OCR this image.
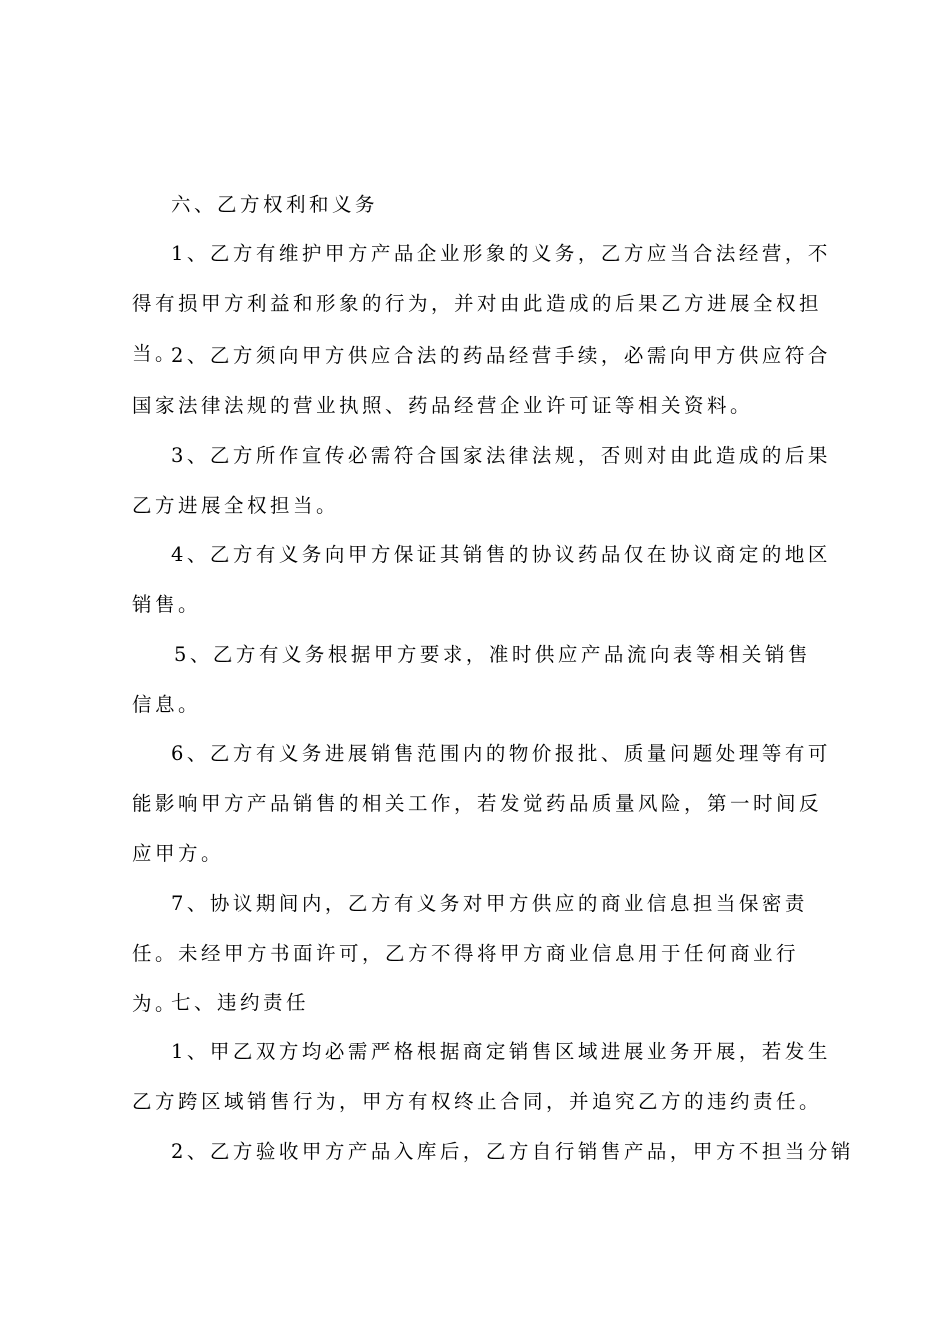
六、乙方权利和义务

1、乙方有维护甲方产品企业形象的义务，乙方应当合法经营，不得有损甲方利益和形象的行为，并对由此造成的后果乙方进展全权担当。

2、乙方须向甲方供应合法的药品经营手续，必需向甲方供应符合国家法律法规的营业执照、药品经营企业许可证等相关资料。

3、乙方所作宣传必需符合国家法律法规，否则对由此造成的后果乙方进展全权担当。

4、乙方有义务向甲方保证其销售的协议药品仅在协议商定的地区销售。

5、乙方有义务根据甲方要求，准时供应产品流向表等相关销售信息。

6、乙方有义务进展销售范围内的物价报批、质量问题处理等有可能影响甲方产品销售的相关工作，若发觉药品质量风险，第一时间反应甲方。

7、协议期间内，乙方有义务对甲方供应的商业信息担当保密责任。未经甲方书面许可，乙方不得将甲方商业信息用于任何商业行为。

七、违约责任

1、甲乙双方均必需严格根据商定销售区域进展业务开展，若发生乙方跨区域销售行为，甲方有权终止合同，并追究乙方的违约责任。

2、乙方验收甲方产品入库后，乙方自行销售产品，甲方不担当分销
